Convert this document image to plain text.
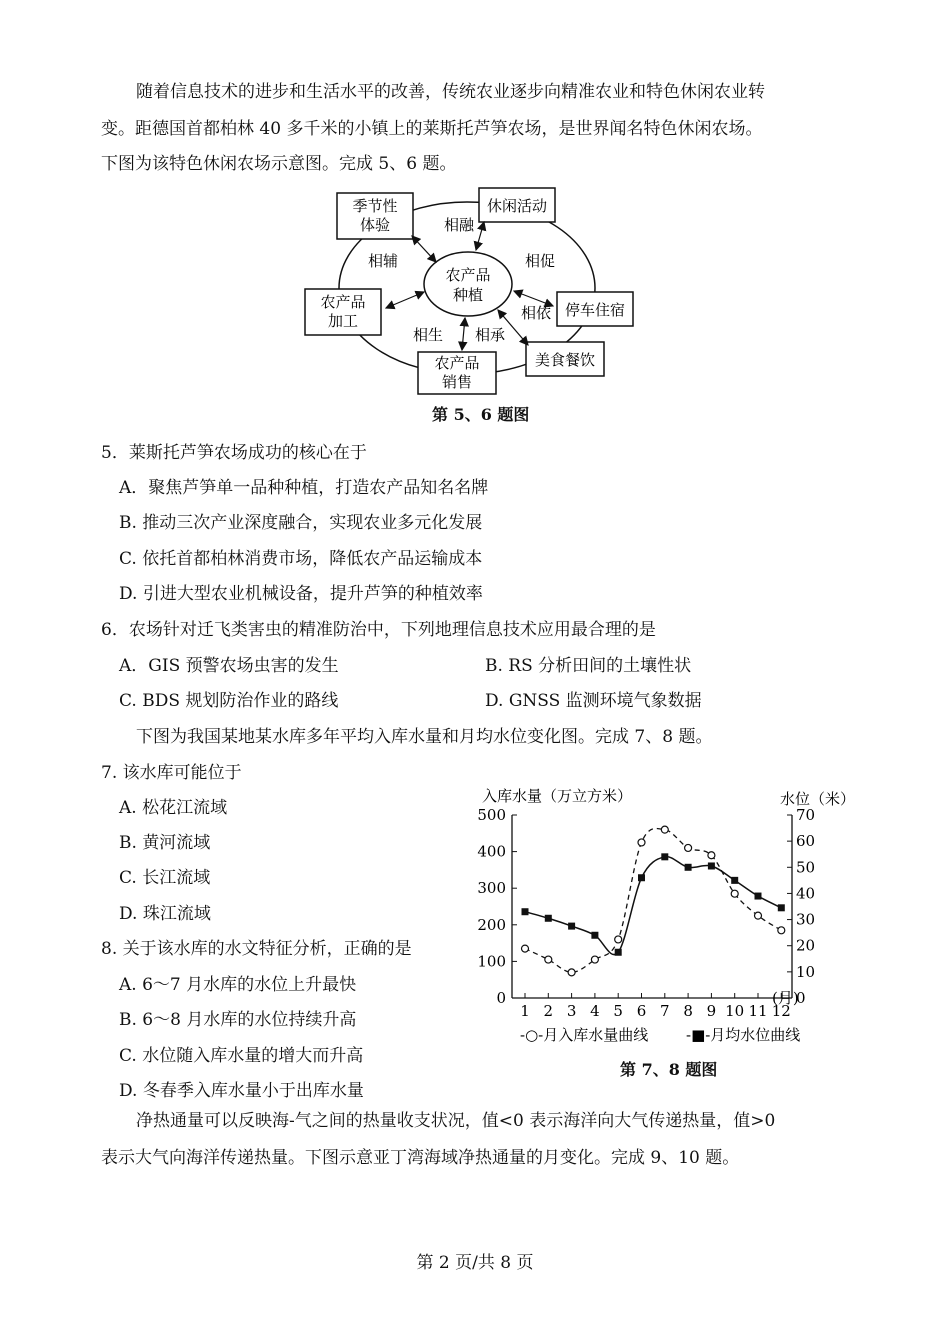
随着信息技术的进步和生活水平的改善，传统农业逐步向精准农业和特色休闲农业转
变。距德国首都柏林 40 多千米的小镇上的莱斯托芦笋农场，是世界闻名特色休闲农场。
下图为该特色休闲农场示意图。完成 5、6 题。
农产品
种植
季节性
体验
休闲活动
农产品
加工
停车住宿
农产品
销售
美食餐饮
相融
相辅	相促
相依
相生 相承
第 5、6 题图
5．莱斯托芦笋农场成功的核心在于
A．聚焦芦笋单一品种种植，打造农产品知名名牌
B. 推动三次产业深度融合，实现农业多元化发展
C. 依托首都柏林消费市场，降低农产品运输成本
D. 引进大型农业机械设备，提升芦笋的种植效率
6．农场针对迁飞类害虫的精准防治中，下列地理信息技术应用最合理的是
A．GIS 预警农场虫害的发生	B. RS 分析田间的土壤性状
C. BDS 规划防治作业的路线	D. GNSS 监测环境气象数据
下图为我国某地某水库多年平均入库水量和月均水位变化图。完成 7、8 题。
7. 该水库可能位于
A. 松花江流域
B. 黄河流域
C. 长江流域
D. 珠江流域
8. 关于该水库的水文特征分析，正确的是
A. 6～7 月水库的水位上升最快
B. 6～8 月水库的水位持续升高
C. 水位随入库水量的增大而升高
D. 冬春季入库水量小于出库水量
入库水量（万立方米）	水位（米）
0
100
200
300
400
500
0
10
20
30
40
50
60
70
1 2 3 4 5 6 7 8 9 10 11 12
(月)
-○-月入库水量曲线	-■-月均水位曲线
第 7、8 题图
净热通量可以反映海-气之间的热量收支状况，值<0 表示海洋向大气传递热量，值>0
表示大气向海洋传递热量。下图示意亚丁湾海域净热通量的月变化。完成 9、10 题。
第 2 页/共 8 页
